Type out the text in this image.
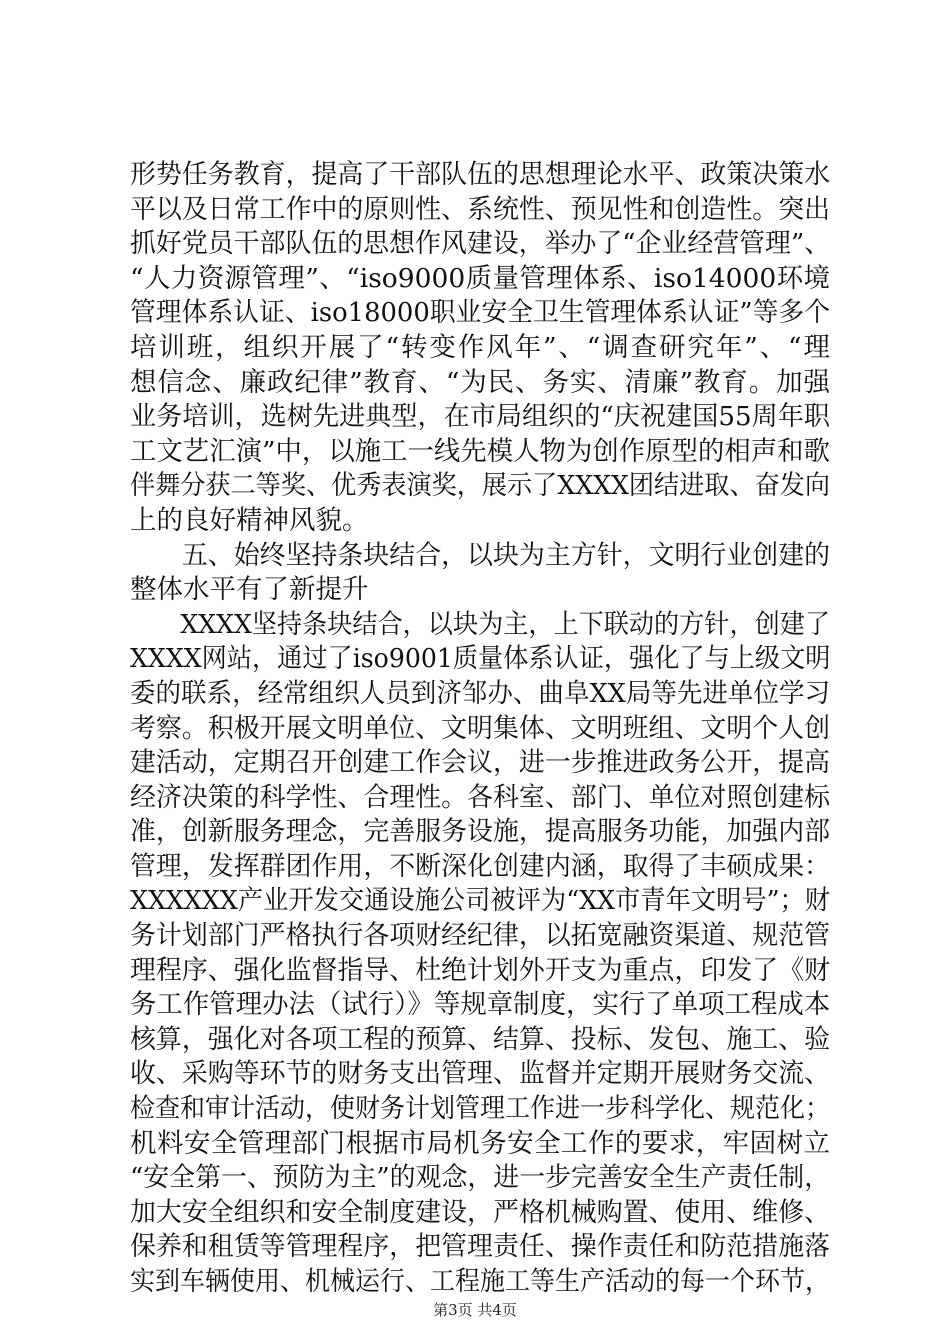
形势任务教育，提高了干部队伍的思想理论水平、政策决策水
平以及日常工作中的原则性、系统性、预见性和创造性。突出
抓好党员干部队伍的思想作风建设，举办了“企业经营管理”、
“人力资源管理”、“iso9000质量管理体系、iso14000环境
管理体系认证、iso18000职业安全卫生管理体系认证”等多个
培训班，组织开展了“转变作风年”、“调查研究年”、“理
想信念、廉政纪律”教育、“为民、务实、清廉”教育。加强
业务培训，选树先进典型，在市局组织的“庆祝建国55周年职
工文艺汇演”中，以施工一线先模人物为创作原型的相声和歌
伴舞分获二等奖、优秀表演奖，展示了XXXX团结进取、奋发向
上的良好精神风貌。
　　五、始终坚持条块结合，以块为主方针，文明行业创建的
整体水平有了新提升
　　XXXX坚持条块结合，以块为主，上下联动的方针，创建了
XXXX网站，通过了iso9001质量体系认证，强化了与上级文明
委的联系，经常组织人员到济邹办、曲阜XX局等先进单位学习
考察。积极开展文明单位、文明集体、文明班组、文明个人创
建活动，定期召开创建工作会议，进一步推进政务公开，提高
经济决策的科学性、合理性。各科室、部门、单位对照创建标
准，创新服务理念，完善服务设施，提高服务功能，加强内部
管理，发挥群团作用，不断深化创建内涵，取得了丰硕成果：
XXXXXX产业开发交通设施公司被评为“XX市青年文明号”；财
务计划部门严格执行各项财经纪律，以拓宽融资渠道、规范管
理程序、强化监督指导、杜绝计划外开支为重点，印发了《财
务工作管理办法（试行）》等规章制度，实行了单项工程成本
核算，强化对各项工程的预算、结算、投标、发包、施工、验
收、采购等环节的财务支出管理、监督并定期开展财务交流、
检查和审计活动，使财务计划管理工作进一步科学化、规范化；
机料安全管理部门根据市局机务安全工作的要求，牢固树立
“安全第一、预防为主”的观念，进一步完善安全生产责任制，
加大安全组织和安全制度建设，严格机械购置、使用、维修、
保养和租赁等管理程序，把管理责任、操作责任和防范措施落
实到车辆使用、机械运行、工程施工等生产活动的每一个环节，
第3页 共4页
